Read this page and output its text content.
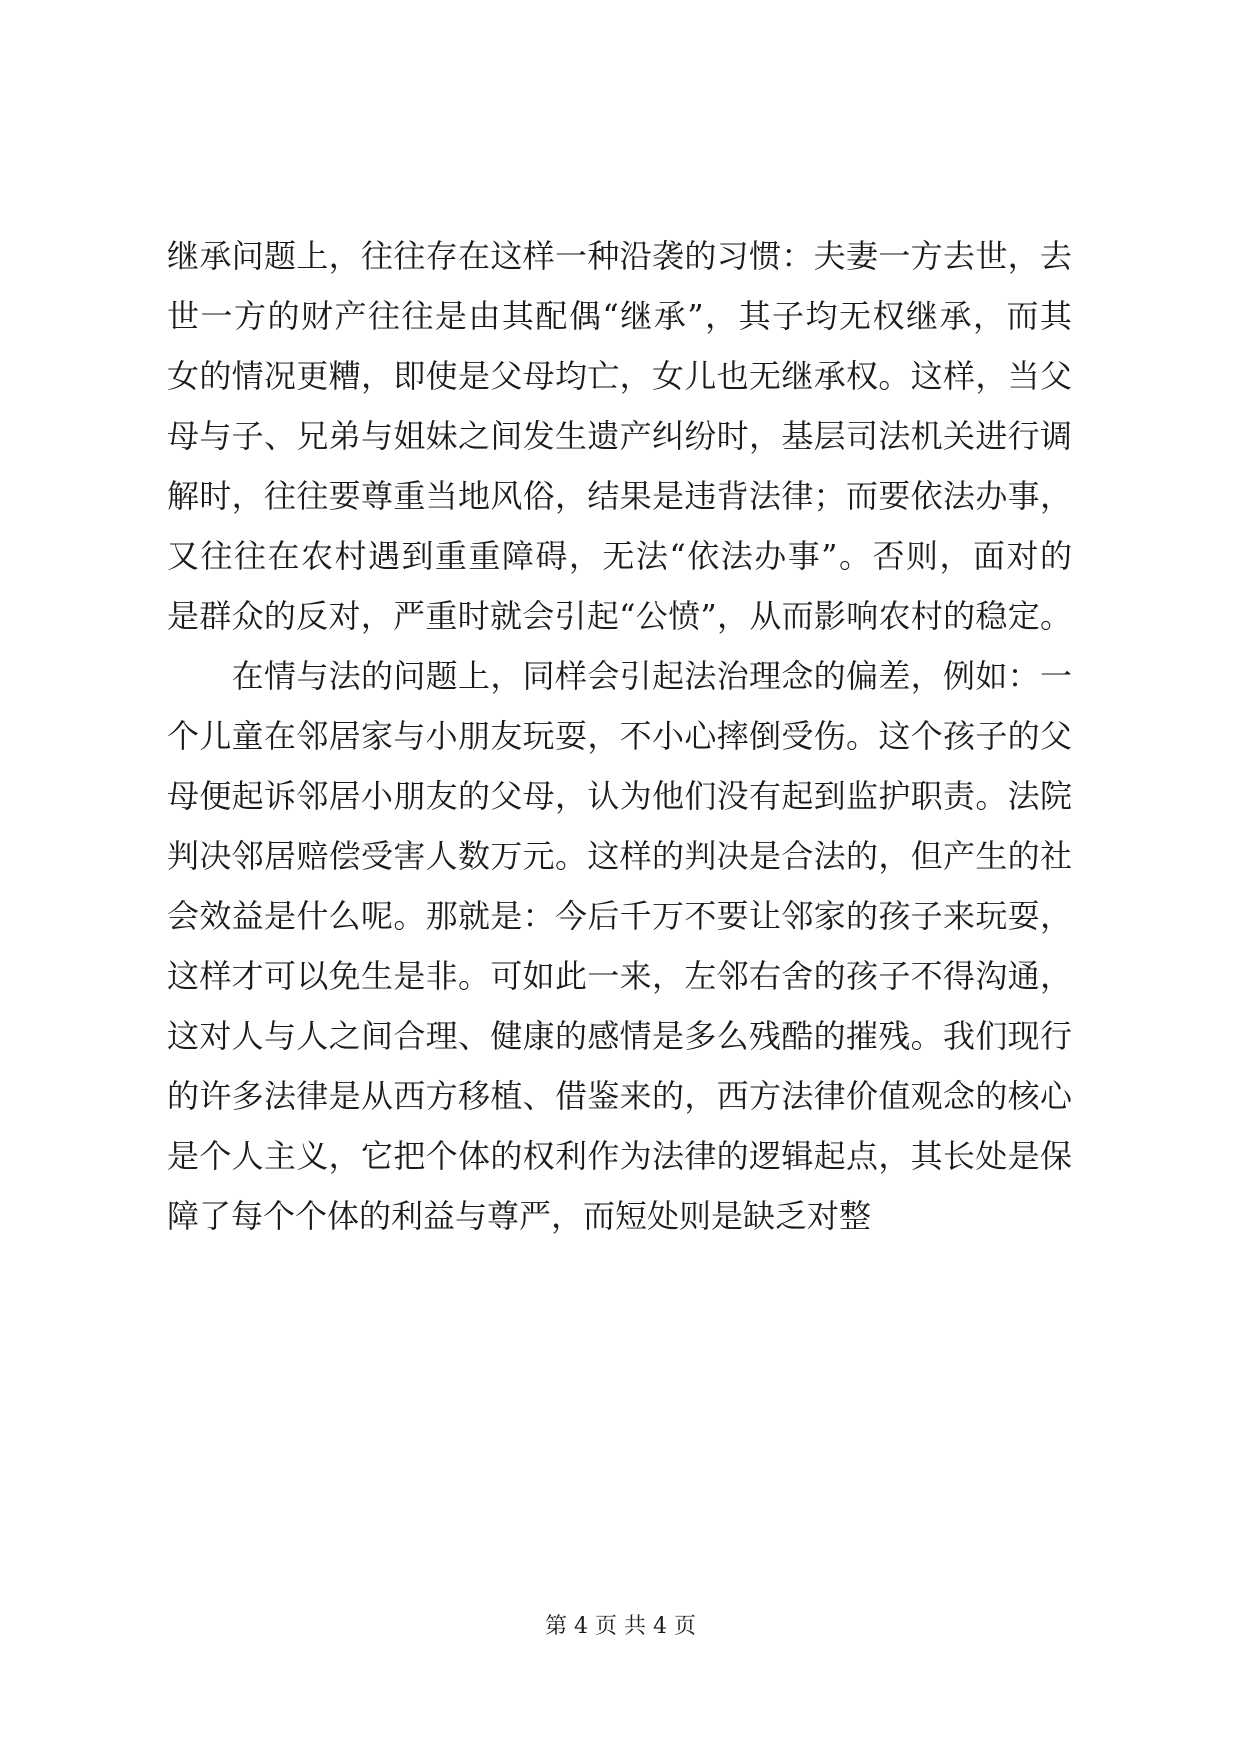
继承问题上，往往存在这样一种沿袭的习惯：夫妻一方去世，去
世一方的财产往往是由其配偶“继承”，其子均无权继承，而其
女的情况更糟，即使是父母均亡，女儿也无继承权。这样，当父
母与子、兄弟与姐妹之间发生遗产纠纷时，基层司法机关进行调
解时，往往要尊重当地风俗，结果是违背法律；而要依法办事，
又往往在农村遇到重重障碍，无法“依法办事”。否则，面对的
是群众的反对，严重时就会引起“公愤”，从而影响农村的稳定。
　　在情与法的问题上，同样会引起法治理念的偏差，例如：一
个儿童在邻居家与小朋友玩耍，不小心摔倒受伤。这个孩子的父
母便起诉邻居小朋友的父母，认为他们没有起到监护职责。法院
判决邻居赔偿受害人数万元。这样的判决是合法的，但产生的社
会效益是什么呢。那就是：今后千万不要让邻家的孩子来玩耍，
这样才可以免生是非。可如此一来，左邻右舍的孩子不得沟通，
这对人与人之间合理、健康的感情是多么残酷的摧残。我们现行
的许多法律是从西方移植、借鉴来的，西方法律价值观念的核心
是个人主义，它把个体的权利作为法律的逻辑起点，其长处是保
障了每个个体的利益与尊严，而短处则是缺乏对整
第 4 页 共 4 页
